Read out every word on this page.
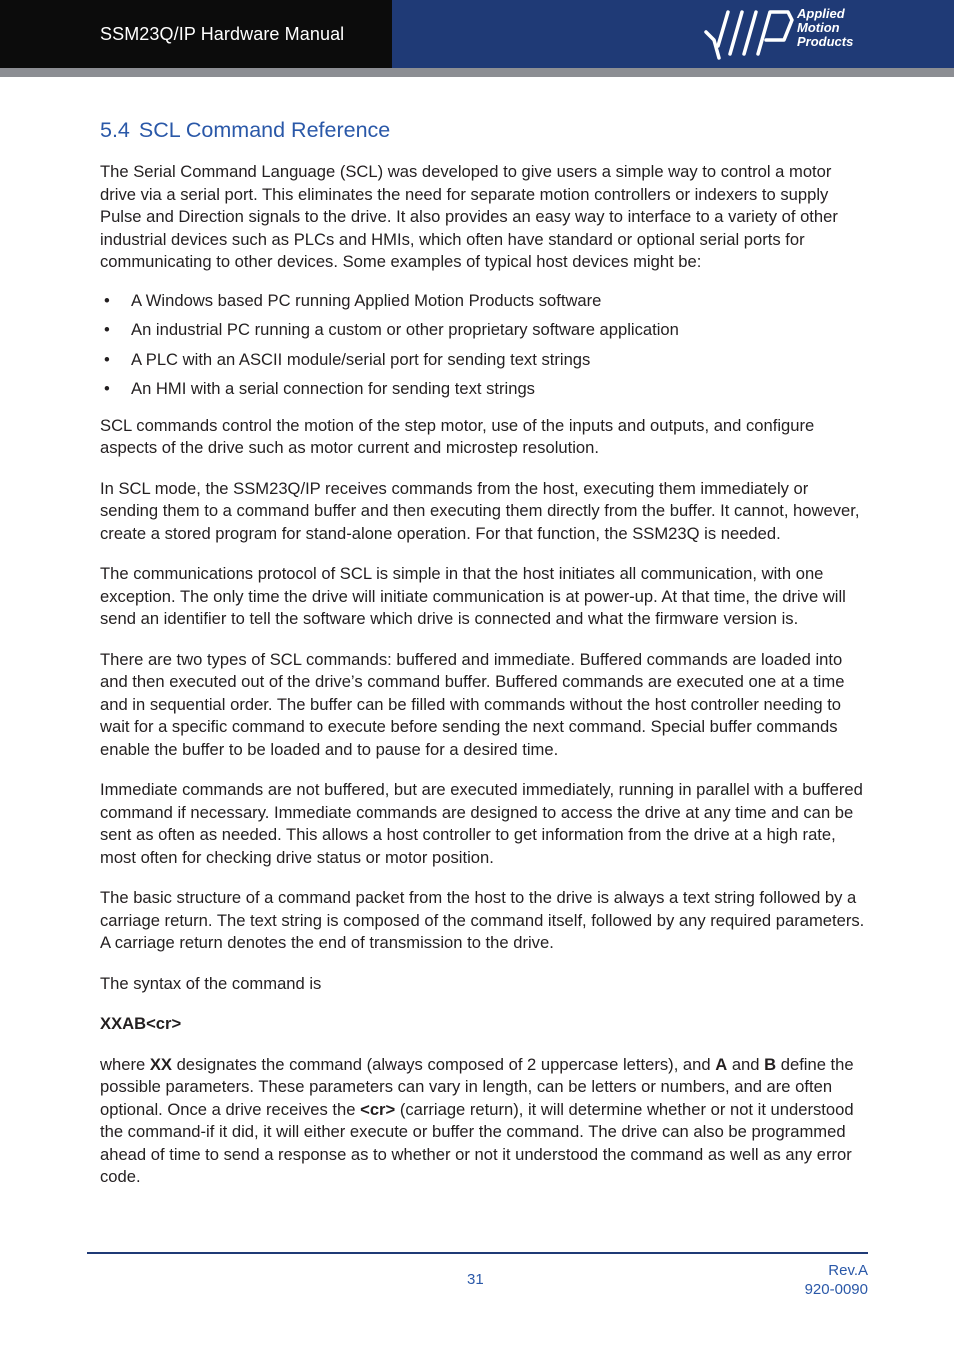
SSM23Q/IP Hardware Manual
Applied
Motion
Products
5.4 SCL Command Reference

The Serial Command Language (SCL) was developed to give users a simple way to control a motor drive via a serial port. This eliminates the need for separate motion controllers or indexers to supply Pulse and Direction signals to the drive. It also provides an easy way to interface to a variety of other industrial devices such as PLCs and HMIs, which often have standard or optional serial ports for communicating to other devices. Some examples of typical host devices might be:

• A Windows based PC running Applied Motion Products software
• An industrial PC running a custom or other proprietary software application
• A PLC with an ASCII module/serial port for sending text strings
• An HMI with a serial connection for sending text strings

SCL commands control the motion of the step motor, use of the inputs and outputs, and configure aspects of the drive such as motor current and microstep resolution.

In SCL mode, the SSM23Q/IP receives commands from the host, executing them immediately or sending them to a command buffer and then executing them directly from the buffer. It cannot, however, create a stored program for stand-alone operation. For that function, the SSM23Q is needed.

The communications protocol of SCL is simple in that the host initiates all communication, with one exception. The only time the drive will initiate communication is at power-up. At that time, the drive will send an identifier to tell the software which drive is connected and what the firmware version is.

There are two types of SCL commands: buffered and immediate. Buffered commands are loaded into and then executed out of the drive’s command buffer. Buffered commands are executed one at a time and in sequential order. The buffer can be filled with commands without the host controller needing to wait for a specific command to execute before sending the next command. Special buffer commands enable the buffer to be loaded and to pause for a desired time.

Immediate commands are not buffered, but are executed immediately, running in parallel with a buffered command if necessary. Immediate commands are designed to access the drive at any time and can be sent as often as needed. This allows a host controller to get information from the drive at a high rate, most often for checking drive status or motor position.

The basic structure of a command packet from the host to the drive is always a text string followed by a carriage return. The text string is composed of the command itself, followed by any required parameters. A carriage return denotes the end of transmission to the drive.

The syntax of the command is

XXAB<cr>

where XX designates the command (always composed of 2 uppercase letters), and A and B define the possible parameters. These parameters can vary in length, can be letters or numbers, and are often optional. Once a drive receives the <cr> (carriage return), it will determine whether or not it understood the command-if it did, it will either execute or buffer the command. The drive can also be programmed ahead of time to send a response as to whether or not it understood the command as well as any error code.

31
Rev.A
920-0090
